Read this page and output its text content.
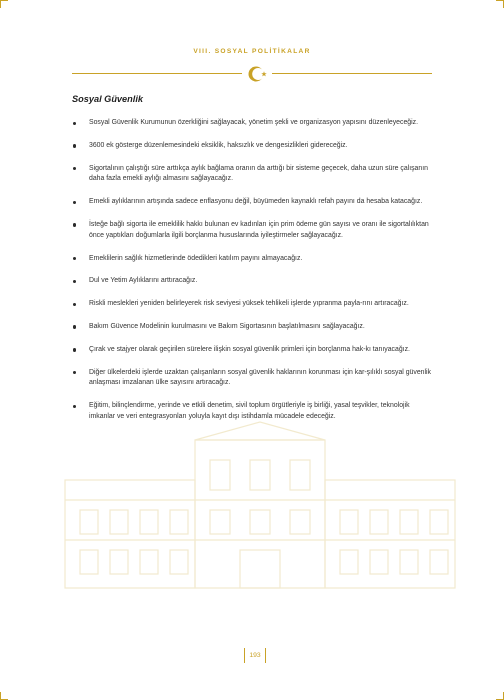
VIII. SOSYAL POLİTİKALAR
Sosyal Güvenlik
Sosyal Güvenlik Kurumunun özerkliğini sağlayacak, yönetim şekli ve organizasyon yapısını düzenleyeceğiz.
3600 ek gösterge düzenlemesindeki eksiklik, haksızlık ve dengesizlikleri gidereceğiz.
Sigortalının çalıştığı süre arttıkça aylık bağlama oranın da arttığı bir sisteme geçecek, daha uzun süre çalışanın daha fazla emekli aylığı almasını sağlayacağız.
Emekli aylıklarının artışında sadece enflasyonu değil, büyümeden kaynaklı refah payını da hesaba katacağız.
İsteğe bağlı sigorta ile emeklilik hakkı bulunan ev kadınları için prim ödeme gün sayısı ve oranı ile sigortalılıktan önce yaptıkları doğumlarla ilgili borçlanma hususlarında iyileştirmeler sağlayacağız.
Emeklilerin sağlık hizmetlerinde ödedikleri katılım payını almayacağız.
Dul ve Yetim Aylıklarını arttıracağız.
Riskli meslekleri yeniden belirleyerek risk seviyesi yüksek tehlikeli işlerde yıpranma payla-rını artıracağız.
Bakım Güvence Modelinin kurulmasını ve Bakım Sigortasının başlatılmasını sağlayacağız.
Çırak ve stajyer olarak geçirilen sürelere ilişkin sosyal güvenlik primleri için borçlanma hak-kı tanıyacağız.
Diğer ülkelerdeki işlerde uzaktan çalışanların sosyal güvenlik haklarının korunması için kar-şılıklı sosyal güvenlik anlaşması imzalanan ülke sayısını artıracağız.
Eğitim, bilinçlendirme, yerinde ve etkili denetim, sivil toplum örgütleriyle iş birliği, yasal teşvikler, teknolojik imkanlar ve veri entegrasyonları yoluyla kayıt dışı istihdamla mücadele edeceğiz.
193
